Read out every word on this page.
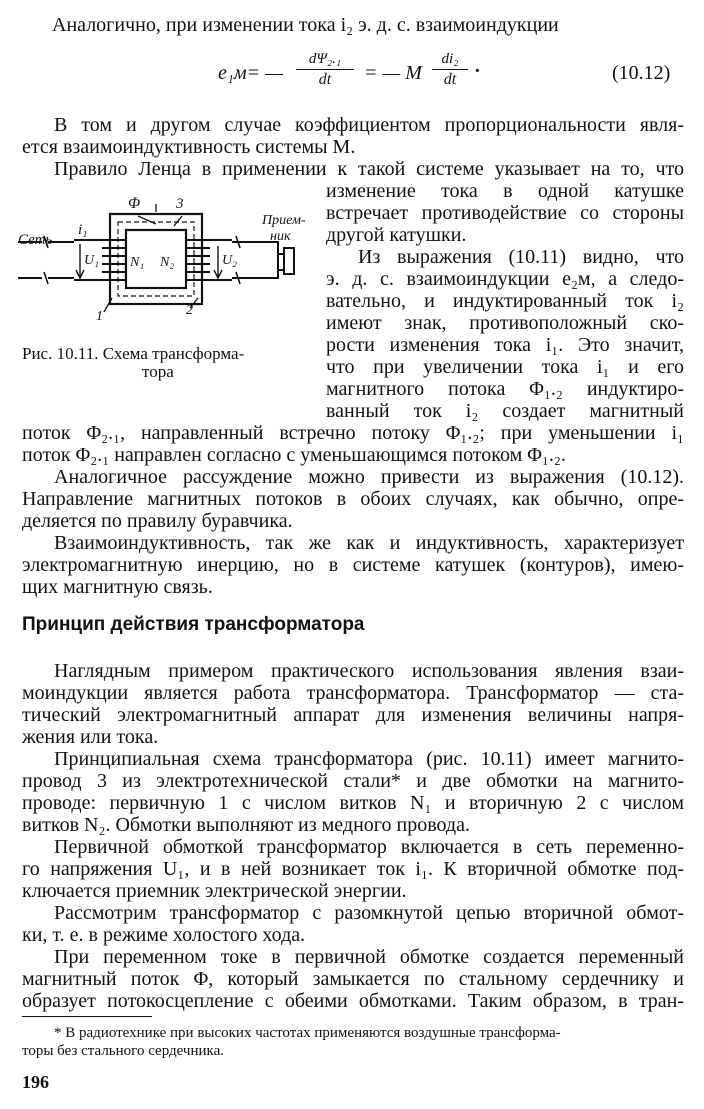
Аналогично, при изменении тока i₂ э. д. с. взаимоиндукции
e₁м= —
dΨ₂.₁
dt	= — M
di₂
dt ·	(10.12)
В том и другом случае коэффициентом пропорциональности явля-
ется взаимоиндуктивность системы M.
Правило Ленца в применении к такой системе указывает на то, что
Φ 3
Сеть
i₁
U₁ N₁ N₂	U₂
1	2
Прием-
ник
Рис. 10.11. Схема трансформа-
тора
изменение тока в одной катушке
встречает противодействие со стороны
другой катушки.
Из выражения (10.11) видно, что
э. д. с. взаимоиндукции e₂м, а следо-
вательно, и индуктированный ток i₂
имеют знак, противоположный ско-
рости изменения тока i₁. Это значит,
что при увеличении тока i₁ и его
магнитного потока Φ₁.₂ индуктиро-
ванный ток i₂ создает магнитный
поток Φ₂.₁, направленный встречно потоку Φ₁.₂; при уменьшении i₁
поток Φ₂.₁ направлен согласно с уменьшающимся потоком Φ₁.₂.
Аналогичное рассуждение можно привести из выражения (10.12).
Направление магнитных потоков в обоих случаях, как обычно, опре-
деляется по правилу буравчика.
Взаимоиндуктивность, так же как и индуктивность, характеризует
электромагнитную инерцию, но в системе катушек (контуров), имею-
щих магнитную связь.
Принцип действия трансформатора
Наглядным примером практического использования явления взаи-
моиндукции является работа трансформатора. Трансформатор — ста-
тический электромагнитный аппарат для изменения величины напря-
жения или тока.
Принципиальная схема трансформатора (рис. 10.11) имеет магнито-
провод 3 из электротехнической стали* и две обмотки на магнито-
проводе: первичную 1 с числом витков N₁ и вторичную 2 с числом
витков N₂. Обмотки выполняют из медного провода.
Первичной обмоткой трансформатор включается в сеть переменно-
го напряжения U₁, и в ней возникает ток i₁. К вторичной обмотке под-
ключается приемник электрической энергии.
Рассмотрим трансформатор с разомкнутой цепью вторичной обмот-
ки, т. е. в режиме холостого хода.
При переменном токе в первичной обмотке создается переменный
магнитный поток Φ, который замыкается по стальному сердечнику и
образует потокосцепление с обеими обмотками. Таким образом, в тран-
* В радиотехнике при высоких частотах применяются воздушные трансформа-
торы без стального сердечника.
196
